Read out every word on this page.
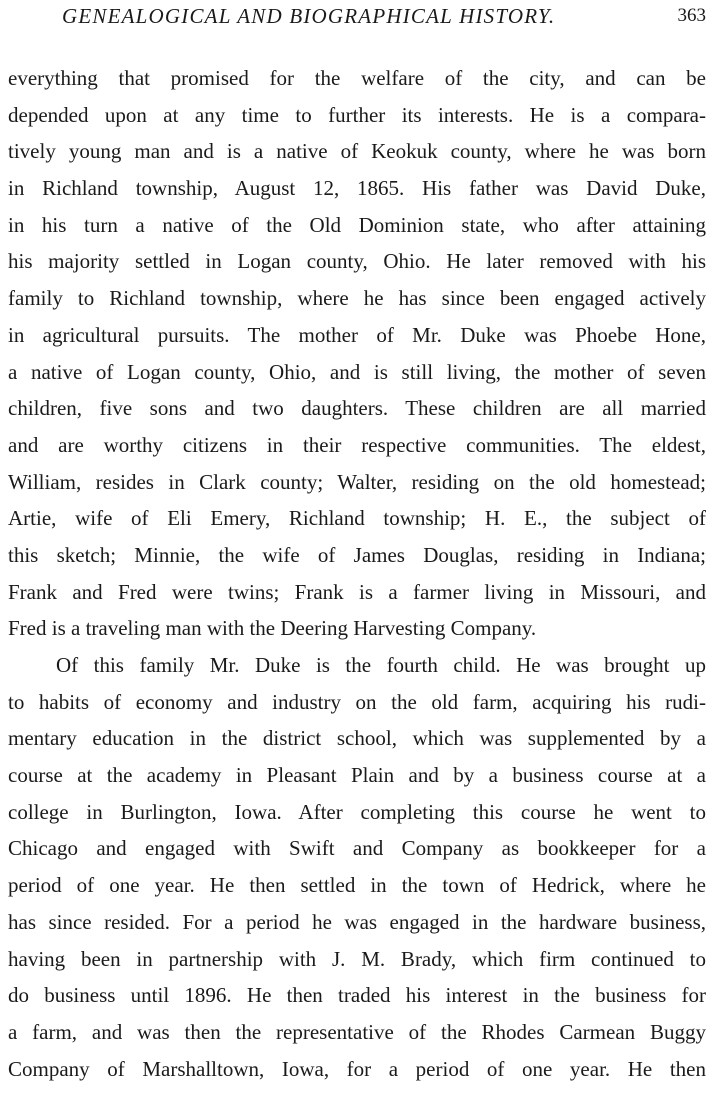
GENEALOGICAL AND BIOGRAPHICAL HISTORY.	363
everything that promised for the welfare of the city, and can be
depended upon at any time to further its interests. He is a compara-
tively young man and is a native of Keokuk county, where he was born
in Richland township, August 12, 1865. His father was David Duke,
in his turn a native of the Old Dominion state, who after attaining
his majority settled in Logan county, Ohio. He later removed with his
family to Richland township, where he has since been engaged actively
in agricultural pursuits. The mother of Mr. Duke was Phoebe Hone,
a native of Logan county, Ohio, and is still living, the mother of seven
children, five sons and two daughters. These children are all married
and are worthy citizens in their respective communities. The eldest,
William, resides in Clark county; Walter, residing on the old homestead;
Artie, wife of Eli Emery, Richland township; H. E., the subject of
this sketch; Minnie, the wife of James Douglas, residing in Indiana;
Frank and Fred were twins; Frank is a farmer living in Missouri, and
Fred is a traveling man with the Deering Harvesting Company.
Of this family Mr. Duke is the fourth child. He was brought up
to habits of economy and industry on the old farm, acquiring his rudi-
mentary education in the district school, which was supplemented by a
course at the academy in Pleasant Plain and by a business course at a
college in Burlington, Iowa. After completing this course he went to
Chicago and engaged with Swift and Company as bookkeeper for a
period of one year. He then settled in the town of Hedrick, where he
has since resided. For a period he was engaged in the hardware business,
having been in partnership with J. M. Brady, which firm continued to
do business until 1896. He then traded his interest in the business for
a farm, and was then the representative of the Rhodes Carmean Buggy
Company of Marshalltown, Iowa, for a period of one year. He then
